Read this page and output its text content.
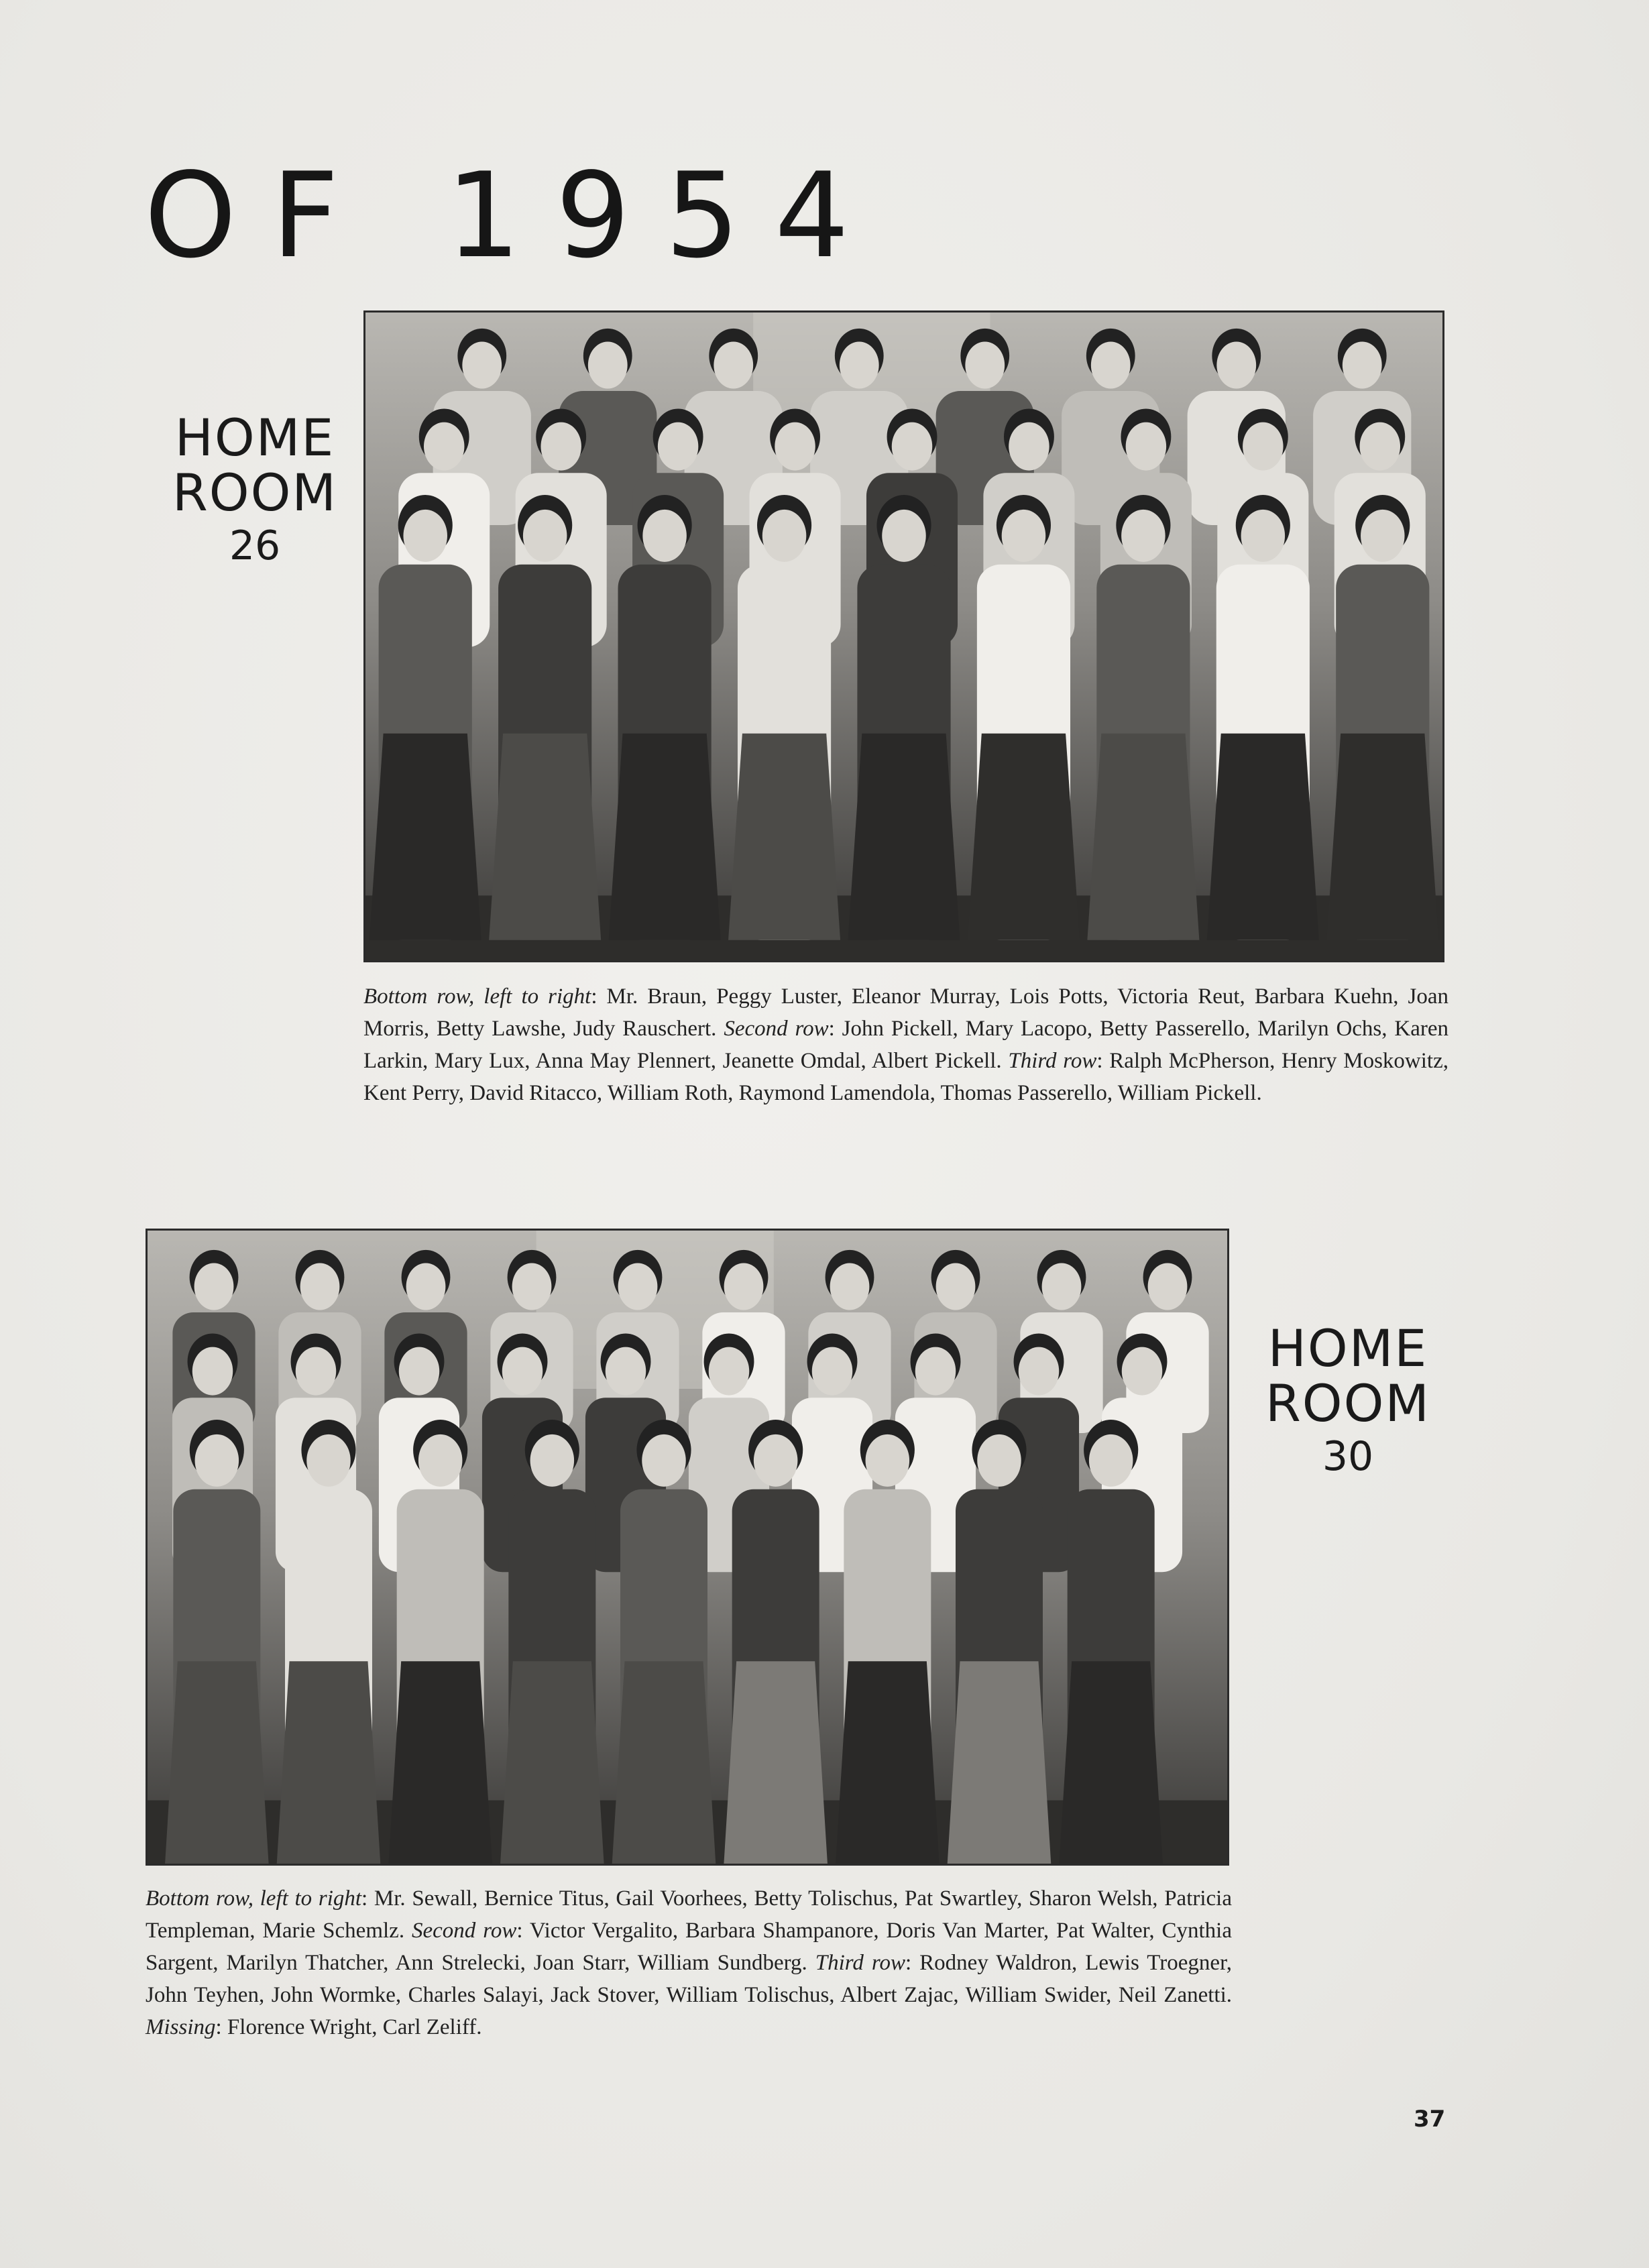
OF 1954
HOME
ROOM
26
Bottom row, left to right: Mr. Braun, Peggy Luster, Eleanor Murray, Lois Potts, Victoria Reut, Barbara Kuehn, Joan Morris, Betty Lawshe, Judy Rauschert. Second row: John Pickell, Mary Lacopo, Betty Passerello, Marilyn Ochs, Karen Larkin, Mary Lux, Anna May Plennert, Jeanette Omdal, Albert Pickell. Third row: Ralph McPherson, Henry Moskowitz, Kent Perry, David Ritacco, William Roth, Raymond Lamendola, Thomas Passerello, William Pickell.
HOME
ROOM
30
Bottom row, left to right: Mr. Sewall, Bernice Titus, Gail Voorhees, Betty Tolischus, Pat Swartley, Sharon Welsh, Patricia Templeman, Marie Schemlz. Second row: Victor Vergalito, Barbara Shampanore, Doris Van Marter, Pat Walter, Cynthia Sargent, Marilyn Thatcher, Ann Strelecki, Joan Starr, William Sundberg. Third row: Rodney Waldron, Lewis Troegner, John Teyhen, John Wormke, Charles Salayi, Jack Stover, William Tolischus, Albert Zajac, William Swider, Neil Zanetti. Missing: Florence Wright, Carl Zeliff.
37
